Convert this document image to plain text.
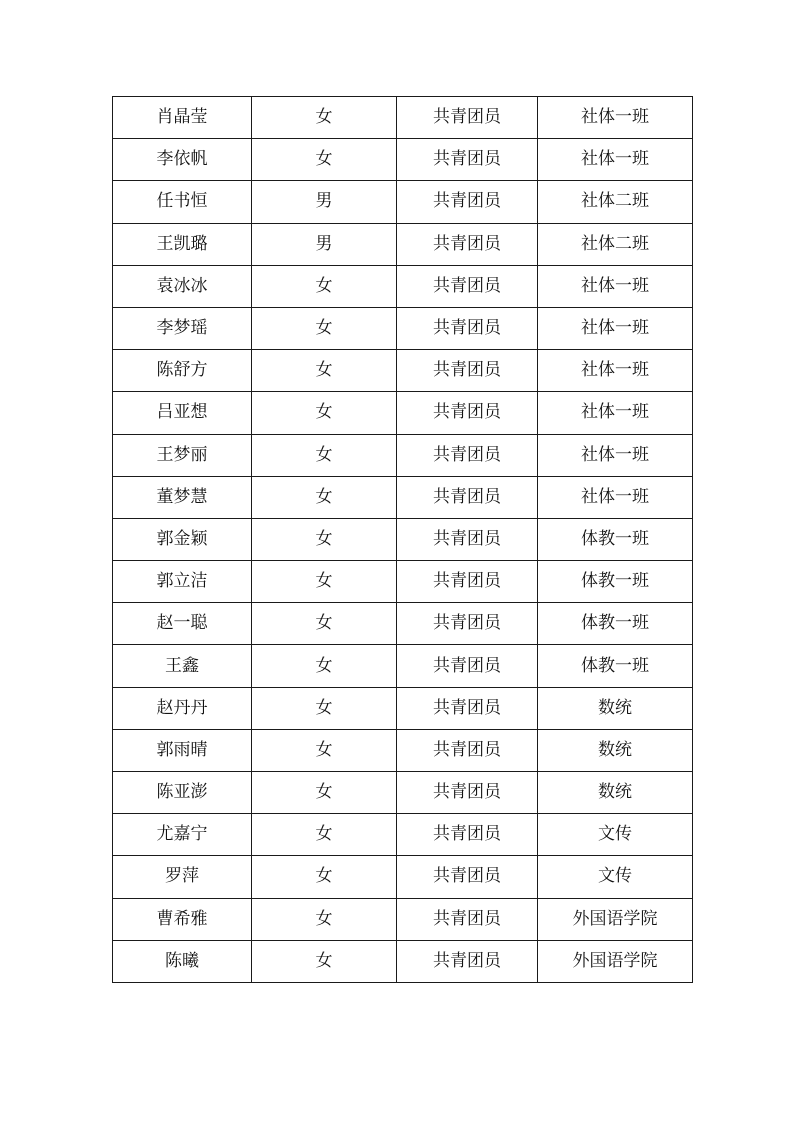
肖晶莹	女	共青团员	社体一班
李依帆	女	共青团员	社体一班
任书恒	男	共青团员	社体二班
王凯璐	男	共青团员	社体二班
袁冰冰	女	共青团员	社体一班
李梦瑶	女	共青团员	社体一班
陈舒方	女	共青团员	社体一班
吕亚想	女	共青团员	社体一班
王梦丽	女	共青团员	社体一班
董梦慧	女	共青团员	社体一班
郭金颖	女	共青团员	体教一班
郭立洁	女	共青团员	体教一班
赵一聪	女	共青团员	体教一班
王鑫	女	共青团员	体教一班
赵丹丹	女	共青团员	数统
郭雨晴	女	共青团员	数统
陈亚澎	女	共青团员	数统
尤嘉宁	女	共青团员	文传
罗萍	女	共青团员	文传
曹希雅	女	共青团员	外国语学院
陈曦	女	共青团员	外国语学院
